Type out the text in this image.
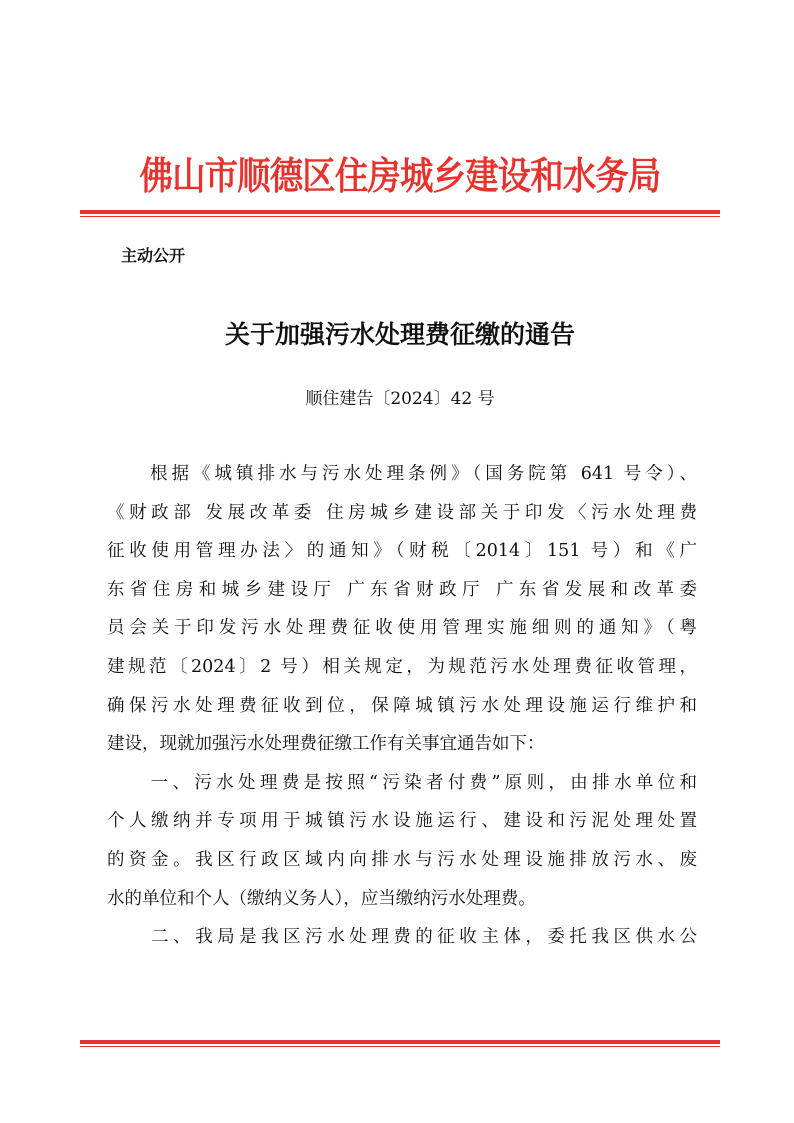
佛山市顺德区住房城乡建设和水务局
主动公开
关于加强污水处理费征缴的通告
顺住建告〔2024〕42 号
　　根据《城镇排水与污水处理条例》（国务院第 641 号令）、
《财政部 发展改革委 住房城乡建设部关于印发〈污水处理费
征收使用管理办法〉的通知》（财税〔2014〕151 号）和《广
东省住房和城乡建设厅 广东省财政厅 广东省发展和改革委
员会关于印发污水处理费征收使用管理实施细则的通知》（粤
建规范〔2024〕2 号）相关规定，为规范污水处理费征收管理，
确保污水处理费征收到位，保障城镇污水处理设施运行维护和
建设，现就加强污水处理费征缴工作有关事宜通告如下：
　　一、污水处理费是按照“污染者付费”原则，由排水单位和
个人缴纳并专项用于城镇污水设施运行、建设和污泥处理处置
的资金。我区行政区域内向排水与污水处理设施排放污水、废
水的单位和个人（缴纳义务人），应当缴纳污水处理费。
　　二、我局是我区污水处理费的征收主体，委托我区供水公
